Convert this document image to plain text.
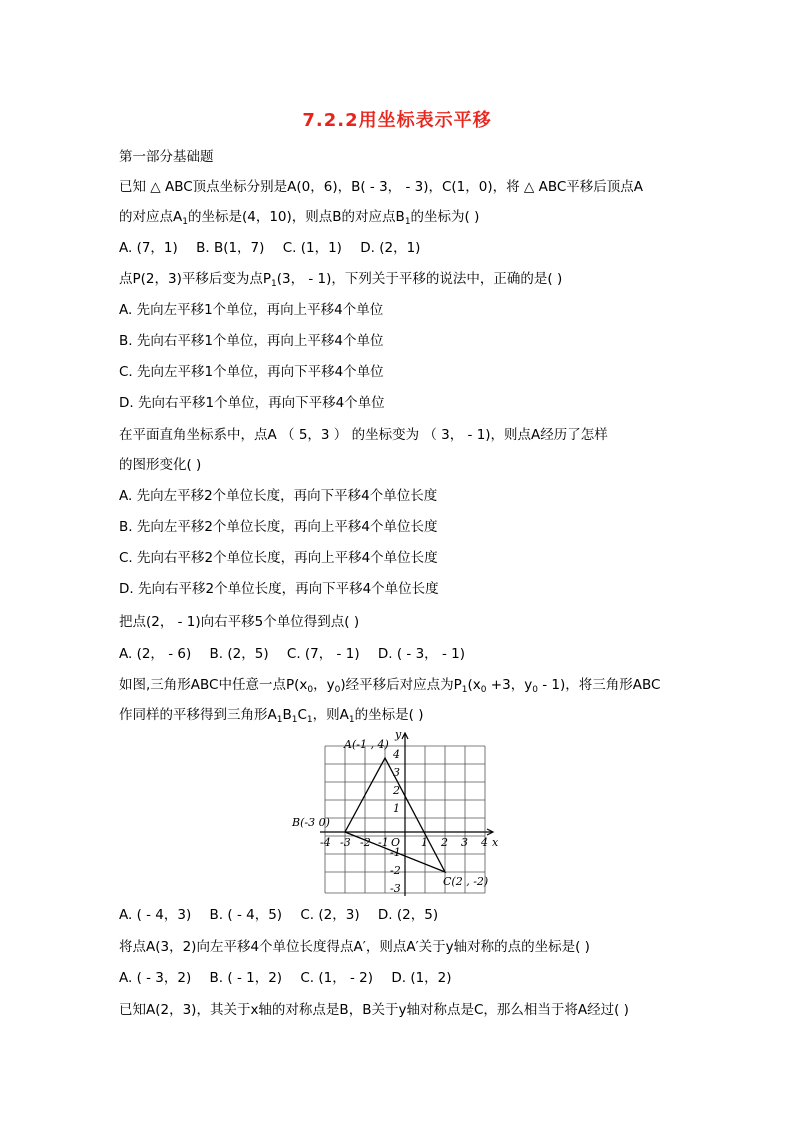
7.2.2用坐标表示平移
第一部分基础题
已知 △ ABC顶点坐标分别是A(0，6)，B( - 3， - 3)，C(1，0)，将 △ ABC平移后顶点A
的对应点$A_1$的坐标是(4，10)，则点B的对应点$B_1$的坐标为( )
A. (7，1) B. B(1，7) C. (1，1) D. (2，1)
点P(2，3)平移后变为点$P_1(3$， - 1)，下列关于平移的说法中，正确的是( )
A. 先向左平移1个单位，再向上平移4个单位
B. 先向右平移1个单位，再向上平移4个单位
C. 先向左平移1个单位，再向下平移4个单位
D. 先向右平移1个单位，再向下平移4个单位
在平面直角坐标系中，点A （ 5，3 ） 的坐标变为 （ 3， - 1)，则点A经历了怎样
的图形变化( )
A. 先向左平移2个单位长度，再向下平移4个单位长度
B. 先向左平移2个单位长度，再向上平移4个单位长度
C. 先向右平移2个单位长度，再向上平移4个单位长度
D. 先向右平移2个单位长度，再向下平移4个单位长度
把点(2， - 1)向右平移5个单位得到点( )
A. (2， - 6) B. (2，5) C. (7， - 1) D. ( - 3， - 1)
如图,三角形ABC中任意一点$P(x_0$，$y_0$)经平移后对应点为$P_1(x_0 +3$，$y_0 - 1$)，将三角形ABC
作同样的平移得到三角形$A_1B_1C_1$，则$A_1$的坐标是( )
A(-1 , 4)
B(-3 0)
C(2 , -2)
O	x
y
-4 -3 -2 -1	1 2 3 4
4
3
2
1
-1
-2
-3
A. ( - 4，3) B. ( - 4，5) C. (2，3) D. (2，5)
将点A(3，2)向左平移4个单位长度得点A′，则点A′关于y轴对称的点的坐标是( )
A. ( - 3，2) B. ( - 1，2) C. (1， - 2) D. (1，2)
已知A(2，3)，其关于x轴的对称点是B，B关于y轴对称点是C，那么相当于将A经过( )
